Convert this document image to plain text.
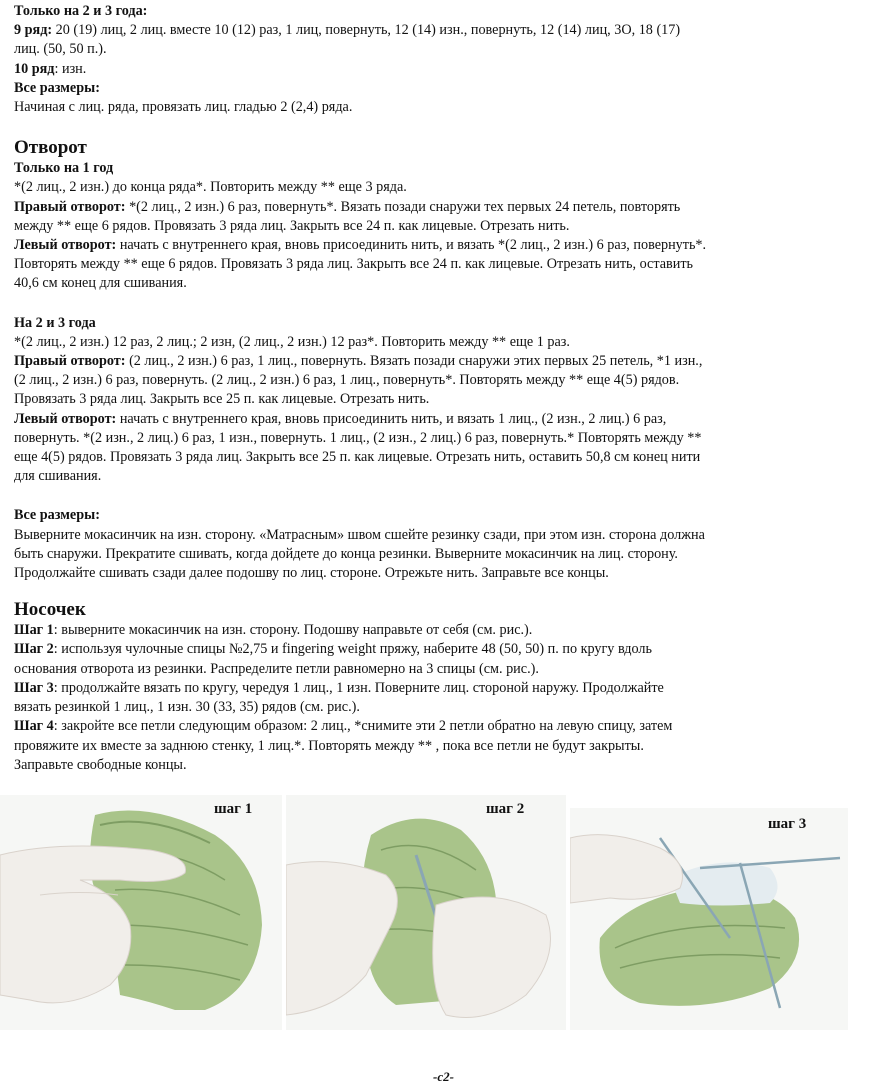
Только на 2 и 3 года:
9 ряд: 20 (19) лиц, 2 лиц. вместе 10 (12) раз, 1 лиц, повернуть, 12 (14) изн., повернуть, 12 (14) лиц, 3О, 18 (17)
лиц. (50, 50 п.).
10 ряд: изн.
Все размеры:
Начиная с лиц. ряда, провязать лиц. гладью 2 (2,4) ряда.
Отворот
Только на 1 год
*(2 лиц., 2 изн.) до конца ряда*. Повторить между ** еще 3 ряда.
Правый отворот: *(2 лиц., 2 изн.) 6 раз, повернуть*. Вязать позади снаружи тех первых 24 петель, повторять
между ** еще 6 рядов. Провязать 3 ряда лиц. Закрыть все 24 п. как лицевые. Отрезать нить.
Левый отворот: начать с внутреннего края, вновь присоединить нить, и вязать *(2 лиц., 2 изн.) 6 раз, повернуть*.
Повторять между ** еще 6 рядов. Провязать 3 ряда лиц. Закрыть все 24 п. как лицевые. Отрезать нить, оставить
40,6 см конец для сшивания.
На 2 и 3 года
*(2 лиц., 2 изн.) 12 раз, 2 лиц.; 2 изн, (2 лиц., 2 изн.) 12 раз*. Повторить между ** еще 1 раз.
Правый отворот: (2 лиц., 2 изн.) 6 раз, 1 лиц., повернуть. Вязать позади снаружи этих первых 25 петель, *1 изн.,
(2 лиц., 2 изн.) 6 раз, повернуть. (2 лиц., 2 изн.) 6 раз, 1 лиц., повернуть*. Повторять между ** еще 4(5) рядов.
Провязать 3 ряда лиц. Закрыть все 25 п. как лицевые. Отрезать нить.
Левый отворот: начать с внутреннего края, вновь присоединить нить, и вязать 1 лиц., (2 изн., 2 лиц.) 6 раз,
повернуть. *(2 изн., 2 лиц.) 6 раз, 1 изн., повернуть. 1 лиц., (2 изн., 2 лиц.) 6 раз, повернуть.* Повторять между **
еще 4(5) рядов. Провязать 3 ряда лиц. Закрыть все 25 п. как лицевые. Отрезать нить, оставить 50,8 см конец нити
для сшивания.
Все размеры:
Выверните мокасинчик на изн. сторону. «Матрасным» швом сшейте резинку сзади, при этом изн. сторона должна
быть снаружи. Прекратите сшивать, когда дойдете до конца резинки. Выверните мокасинчик на лиц. сторону.
Продолжайте сшивать сзади далее подошву по лиц. стороне. Отрежьте нить. Заправьте все концы.
Носочек
Шаг 1: выверните мокасинчик на изн. сторону. Подошву направьте от себя (см. рис.).
Шаг 2: используя чулочные спицы №2,75 и fingering weight пряжу, наберите 48 (50, 50) п. по кругу вдоль
основания отворота из резинки. Распределите петли равномерно на 3 спицы (см. рис.).
Шаг 3: продолжайте вязать по кругу, чередуя 1 лиц., 1 изн. Поверните лиц. стороной наружу. Продолжайте
вязать резинкой 1 лиц., 1 изн. 30 (33, 35) рядов (см. рис.).
Шаг 4: закройте все петли следующим образом: 2 лиц., *снимите эти 2 петли обратно на левую спицу, затем
провяжите их вместе за заднюю стенку, 1 лиц.*. Повторять между ** , пока все петли не будут закрыты.
Заправьте свободные концы.
шаг 1	шаг 2
шаг 3
-c2-
